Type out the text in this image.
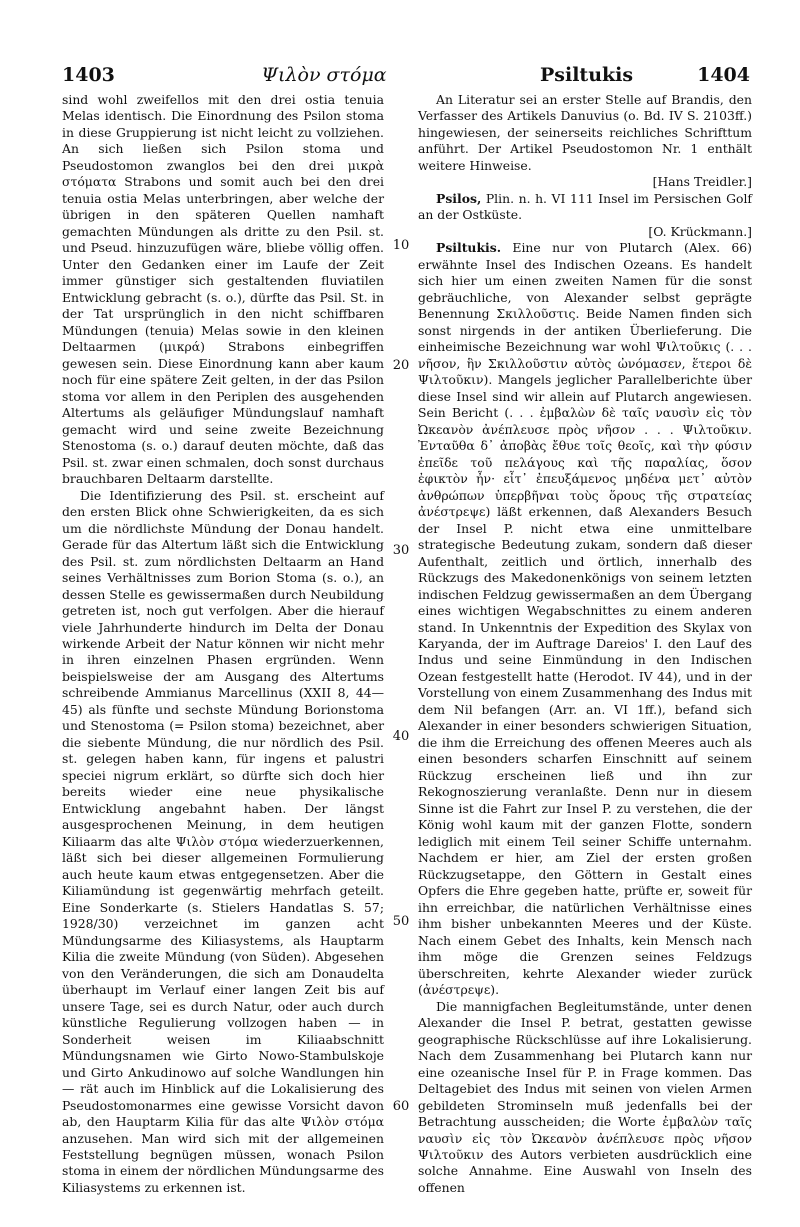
1403	Ψιλὸν στόμα	Psiltukis	1404

sind wohl zweifellos mit den drei ostia tenuia Melas identisch. Die Einordnung des Psilon stoma in diese Gruppierung ist nicht leicht zu vollziehen. An sich ließen sich Psilon stoma und Pseudostomon zwanglos bei den drei μικρὰ στόματα Strabons und somit auch bei den drei tenuia ostia Melas unterbringen, aber welche der übrigen in den späteren Quellen namhaft gemachten Mündungen als dritte zu den Psil. st. und Pseud. hinzuzufügen wäre, bliebe völlig offen. Unter den Gedanken einer im Laufe der Zeit immer günstiger sich gestaltenden fluviatilen Entwicklung gebracht (s. o.), dürfte das Psil. St. in der Tat ursprünglich in den nicht schiffbaren Mündungen (tenuia) Melas sowie in den kleinen Deltaarmen (μικρά) Strabons einbegriffen gewesen sein. Diese Einordnung kann aber kaum noch für eine spätere Zeit gelten, in der das Psilon stoma vor allem in den Periplen des ausgehenden Altertums als geläufiger Mündungslauf namhaft gemacht wird und seine zweite Bezeichnung Stenostoma (s. o.) darauf deuten möchte, daß das Psil. st. zwar einen schmalen, doch sonst durchaus brauchbaren Deltaarm darstellte.

Die Identifizierung des Psil. st. erscheint auf den ersten Blick ohne Schwierigkeiten, da es sich um die nördlichste Mündung der Donau handelt. Gerade für das Altertum läßt sich die Entwicklung des Psil. st. zum nördlichsten Deltaarm an Hand seines Verhältnisses zum Borion Stoma (s. o.), an dessen Stelle es gewissermaßen durch Neubildung getreten ist, noch gut verfolgen. Aber die hierauf viele Jahrhunderte hindurch im Delta der Donau wirkende Arbeit der Natur können wir nicht mehr in ihren einzelnen Phasen ergründen. Wenn beispielsweise der am Ausgang des Altertums schreibende Ammianus Marcellinus (XXII 8, 44—45) als fünfte und sechste Mündung Borionstoma und Stenostoma (= Psilon stoma) bezeichnet, aber die siebente Mündung, die nur nördlich des Psil. st. gelegen haben kann, für ingens et palustri speciei nigrum erklärt, so dürfte sich doch hier bereits wieder eine neue physikalische Entwicklung angebahnt haben. Der längst ausgesprochenen Meinung, in dem heutigen Kiliaarm das alte Ψιλὸν στόμα wiederzuerkennen, läßt sich bei dieser allgemeinen Formulierung auch heute kaum etwas entgegensetzen. Aber die Kiliamündung ist gegenwärtig mehrfach geteilt. Eine Sonderkarte (s. Stielers Handatlas S. 57; 1928/30) verzeichnet im ganzen acht Mündungsarme des Kiliasystems, als Hauptarm Kilia die zweite Mündung (von Süden). Abgesehen von den Veränderungen, die sich am Donaudelta überhaupt im Verlauf einer langen Zeit bis auf unsere Tage, sei es durch Natur, oder auch durch künstliche Regulierung vollzogen haben — in Sonderheit weisen im Kiliaabschnitt Mündungsnamen wie Girto Nowo-Stambulskoje und Girto Ankudinowo auf solche Wandlungen hin — rät auch im Hinblick auf die Lokalisierung des Pseudostomonarmes eine gewisse Vorsicht davon ab, den Hauptarm Kilia für das alte Ψιλὸν στόμα anzusehen. Man wird sich mit der allgemeinen Feststellung begnügen müssen, wonach Psilon stoma in einem der nördlichen Mündungsarme des Kiliasystems zu erkennen ist.

10
20
30
40
50
60

An Literatur sei an erster Stelle auf Brandis, den Verfasser des Artikels Danuvius (o. Bd. IV S. 2103ff.) hingewiesen, der seinerseits reichliches Schrifttum anführt. Der Artikel Pseudostomon Nr. 1 enthält weitere Hinweise.

[Hans Treidler.]

Psilos, Plin. n. h. VI 111 Insel im Persischen Golf an der Ostküste.

[O. Krückmann.]

Psiltukis. Eine nur von Plutarch (Alex. 66) erwähnte Insel des Indischen Ozeans. Es handelt sich hier um einen zweiten Namen für die sonst gebräuchliche, von Alexander selbst geprägte Benennung Σκιλλοῦστις. Beide Namen finden sich sonst nirgends in der antiken Überlieferung. Die einheimische Bezeichnung war wohl Ψιλτοῦκις (. . . νῆσον, ἣν Σκιλλοῦστιν αὐτὸς ὠνόμασεν, ἕτεροι δὲ Ψιλτοῦκιν). Mangels jeglicher Parallelberichte über diese Insel sind wir allein auf Plutarch angewiesen. Sein Bericht (. . . ἐμβαλὼν δὲ ταῖς ναυσὶν εἰς τὸν Ὠκεανὸν ἀνέπλευσε πρὸς νῆσον . . . Ψιλτοῦκιν. Ἐνταῦθα δ᾽ ἀποβὰς ἔθυε τοῖς θεοῖς, καὶ τὴν φύσιν ἐπεῖδε τοῦ πελάγους καὶ τῆς παραλίας, ὅσον ἐφικτὸν ἦν· εἶτ᾽ ἐπευξάμενος μηδένα μετ᾽ αὐτὸν ἀνθρώπων ὑπερβῆναι τοὺς ὅρους τῆς στρατείας ἀνέστρεψε) läßt erkennen, daß Alexanders Besuch der Insel P. nicht etwa eine unmittelbare strategische Bedeutung zukam, sondern daß dieser Aufenthalt, zeitlich und örtlich, innerhalb des Rückzugs des Makedonenkönigs von seinem letzten indischen Feldzug gewissermaßen an dem Übergang eines wichtigen Wegabschnittes zu einem anderen stand. In Unkenntnis der Expedition des Skylax von Karyanda, der im Auftrage Dareios' I. den Lauf des Indus und seine Einmündung in den Indischen Ozean festgestellt hatte (Herodot. IV 44), und in der Vorstellung von einem Zusammenhang des Indus mit dem Nil befangen (Arr. an. VI 1ff.), befand sich Alexander in einer besonders schwierigen Situation, die ihm die Erreichung des offenen Meeres auch als einen besonders scharfen Einschnitt auf seinem Rückzug erscheinen ließ und ihn zur Rekognoszierung veranlaßte. Denn nur in diesem Sinne ist die Fahrt zur Insel P. zu verstehen, die der König wohl kaum mit der ganzen Flotte, sondern lediglich mit einem Teil seiner Schiffe unternahm. Nachdem er hier, am Ziel der ersten großen Rückzugsetappe, den Göttern in Gestalt eines Opfers die Ehre gegeben hatte, prüfte er, soweit für ihn erreichbar, die natürlichen Verhältnisse eines ihm bisher unbekannten Meeres und der Küste. Nach einem Gebet des Inhalts, kein Mensch nach ihm möge die Grenzen seines Feldzugs überschreiten, kehrte Alexander wieder zurück (ἀνέστρεψε).

Die mannigfachen Begleitumstände, unter denen Alexander die Insel P. betrat, gestatten gewisse geographische Rückschlüsse auf ihre Lokalisierung. Nach dem Zusammenhang bei Plutarch kann nur eine ozeanische Insel für P. in Frage kommen. Das Deltagebiet des Indus mit seinen von vielen Armen gebildeten Strominseln muß jedenfalls bei der Betrachtung ausscheiden; die Worte ἐμβαλὼν ταῖς ναυσὶν εἰς τὸν Ὠκεανὸν ἀνέπλευσε πρὸς νῆσον Ψιλτοῦκιν des Autors verbieten ausdrücklich eine solche Annahme. Eine Auswahl von Inseln des offenen
